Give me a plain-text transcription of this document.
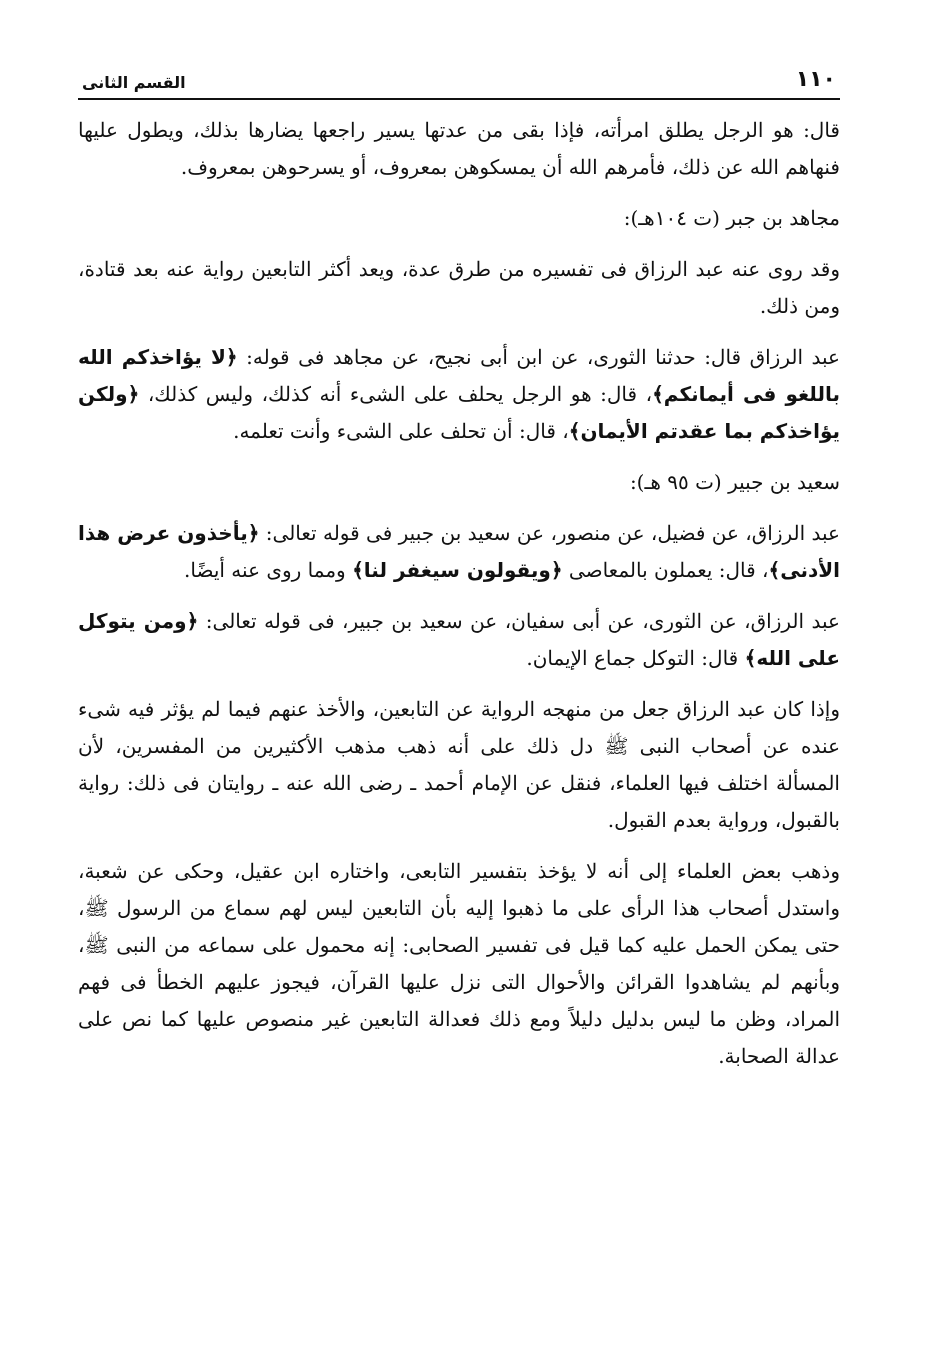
١١٠
القسم الثانى

قال: هو الرجل يطلق امرأته، فإذا بقى من عدتها يسير راجعها يضارها بذلك، ويطول عليها فنهاهم الله عن ذلك، فأمرهم الله أن يمسكوهن بمعروف، أو يسرحوهن بمعروف.

مجاهد بن جبر (ت ١٠٤هـ):

وقد روى عنه عبد الرزاق فى تفسيره من طرق عدة، ويعد أكثر التابعين رواية عنه بعد قتادة، ومن ذلك.

عبد الرزاق قال: حدثنا الثورى، عن ابن أبى نجيح، عن مجاهد فى قوله: ﴿لا يؤاخذكم الله باللغو فى أيمانكم﴾، قال: هو الرجل يحلف على الشىء أنه كذلك، وليس كذلك، ﴿ولكن يؤاخذكم بما عقدتم الأيمان﴾، قال: أن تحلف على الشىء وأنت تعلمه.

سعيد بن جبير (ت ٩٥ هـ):

عبد الرزاق، عن فضيل، عن منصور، عن سعيد بن جبير فى قوله تعالى: ﴿يأخذون عرض هذا الأدنى﴾، قال: يعملون بالمعاصى ﴿ويقولون سيغفر لنا﴾ ومما روى عنه أيضًا.

عبد الرزاق، عن الثورى، عن أبى سفيان، عن سعيد بن جبير، فى قوله تعالى: ﴿ومن يتوكل على الله﴾ قال: التوكل جماع الإيمان.

وإذا كان عبد الرزاق جعل من منهجه الرواية عن التابعين، والأخذ عنهم فيما لم يؤثر فيه شىء عنده عن أصحاب النبى ﷺ دل ذلك على أنه ذهب مذهب الأكثيرين من المفسرين، لأن المسألة اختلف فيها العلماء، فنقل عن الإمام أحمد ـ رضى الله عنه ـ روايتان فى ذلك: رواية بالقبول، ورواية بعدم القبول.

وذهب بعض العلماء إلى أنه لا يؤخذ بتفسير التابعى، واختاره ابن عقيل، وحكى عن شعبة، واستدل أصحاب هذا الرأى على ما ذهبوا إليه بأن التابعين ليس لهم سماع من الرسول ﷺ، حتى يمكن الحمل عليه كما قيل فى تفسير الصحابى: إنه محمول على سماعه من النبى ﷺ، وبأنهم لم يشاهدوا القرائن والأحوال التى نزل عليها القرآن، فيجوز عليهم الخطأ فى فهم المراد، وظن ما ليس بدليل دليلاً ومع ذلك فعدالة التابعين غير منصوص عليها كما نص على عدالة الصحابة.
